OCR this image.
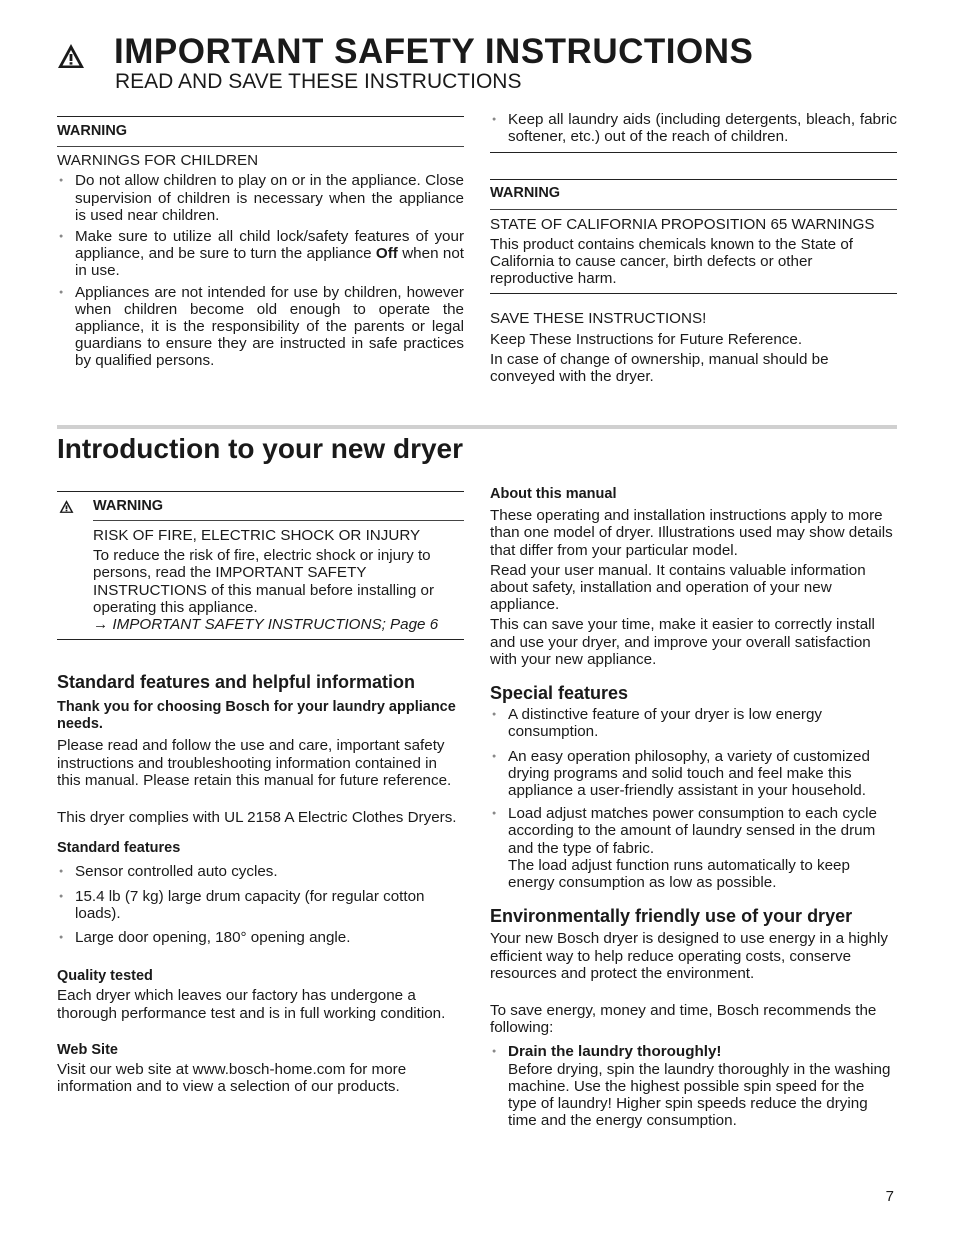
IMPORTANT SAFETY INSTRUCTIONS
READ AND SAVE THESE INSTRUCTIONS
WARNING
WARNINGS FOR CHILDREN
● Do not allow children to play on or in the appliance. Close supervision of children is necessary when the appliance is used near children.
● Make sure to utilize all child lock/safety features of your appliance, and be sure to turn the appliance Off when not in use.
● Appliances are not intended for use by children, however when children become old enough to operate the appliance, it is the responsibility of the parents or legal guardians to ensure they are instructed in safe practices by qualified persons.
● Keep all laundry aids (including detergents, bleach, fabric softener, etc.) out of the reach of children.
WARNING
STATE OF CALIFORNIA PROPOSITION 65 WARNINGS

This product contains chemicals known to the State of California to cause cancer, birth defects or other reproductive harm.

SAVE THESE INSTRUCTIONS!

Keep These Instructions for Future Reference.

In case of change of ownership, manual should be conveyed with the dryer.

Introduction to your new dryer
WARNING
RISK OF FIRE, ELECTRIC SHOCK OR INJURY

To reduce the risk of fire, electric shock or injury to persons, read the IMPORTANT SAFETY INSTRUCTIONS of this manual before installing or operating this appliance.

→ IMPORTANT SAFETY INSTRUCTIONS; Page 6

Standard features and helpful information
Thank you for choosing Bosch for your laundry appliance needs.

Please read and follow the use and care, important safety instructions and troubleshooting information contained in this manual. Please retain this manual for future reference.

This dryer complies with UL 2158 A Electric Clothes Dryers.

Standard features
● Sensor controlled auto cycles.
● 15.4 lb (7 kg) large drum capacity (for regular cotton loads).
● Large door opening, 180° opening angle.
Quality tested

Each dryer which leaves our factory has undergone a thorough performance test and is in full working condition.

Web Site

Visit our web site at www.bosch-home.com for more information and to view a selection of our products.

About this manual

These operating and installation instructions apply to more than one model of dryer. Illustrations used may show details that differ from your particular model.

Read your user manual. It contains valuable information about safety, installation and operation of your new appliance.

This can save your time, make it easier to correctly install and use your dryer, and improve your overall satisfaction with your new appliance.

Special features
● A distinctive feature of your dryer is low energy consumption.
● An easy operation philosophy, a variety of customized drying programs and solid touch and feel make this appliance a user-friendly assistant in your household.
● Load adjust matches power consumption to each cycle according to the amount of laundry sensed in the drum and the type of fabric.
The load adjust function runs automatically to keep energy consumption as low as possible.
Environmentally friendly use of your dryer

Your new Bosch dryer is designed to use energy in a highly efficient way to help reduce operating costs, conserve resources and protect the environment.

To save energy, money and time, Bosch recommends the following:

● Drain the laundry thoroughly!
Before drying, spin the laundry thoroughly in the washing machine. Use the highest possible spin speed for the type of laundry! Higher spin speeds reduce the drying time and the energy consumption.
7
